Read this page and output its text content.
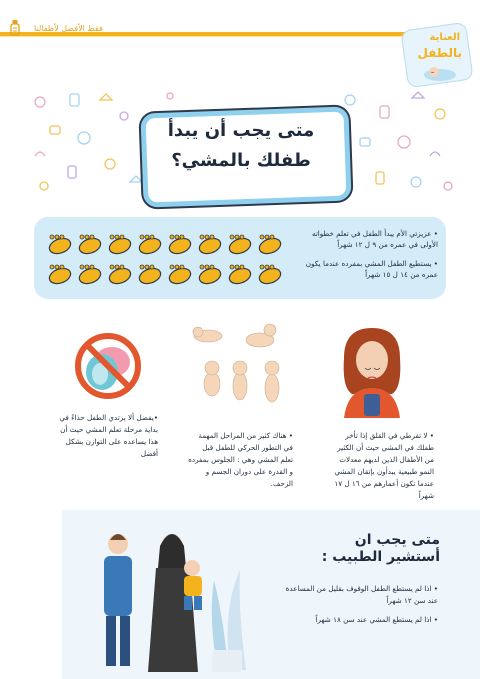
فقط الأفضل لأطفالنا
العناية
بالطفل
متى يجب أن يبدأ
طفلك بالمشي؟
• عزيزتي الأم يبدأ الطفل في تعلم خطواته الأولى في عمره من ٩ ل ١٢ شهراً
• يستطيع الطفل المشي بمفرده عندما يكون عمره من ١٤ ل ١٥ شهراً
•يفضل ألا يرتدي الطفل حذاءً في بداية مرحلة تعلم المشي حيث أن هذا يساعده على التوازن بشكل أفضل
• هناك كثير من المراحل المهمة في التطور الحركي للطفل قبل تعلم المشي وهي : الجلوس بمفرده و القدرة على دوران الجسم و الزحف.
• لا تقرطي في القلق إذا تأخر طفلك في المشي حيث أن الكثير من الأطفال الذين لديهم معدلات النمو طبيعية يبدأون بإتقان المشي عندما تكون أعمارهم من ١٦ ل ١٧ شهراً
متى يجب ان
أستشير الطبيب :
• اذا لم يستطع الطفل الوقوف بقليل من المساعدة عند سن ١٢ شهراً
• اذا لم يستطع المشي عند سن ١٨ شهراً
